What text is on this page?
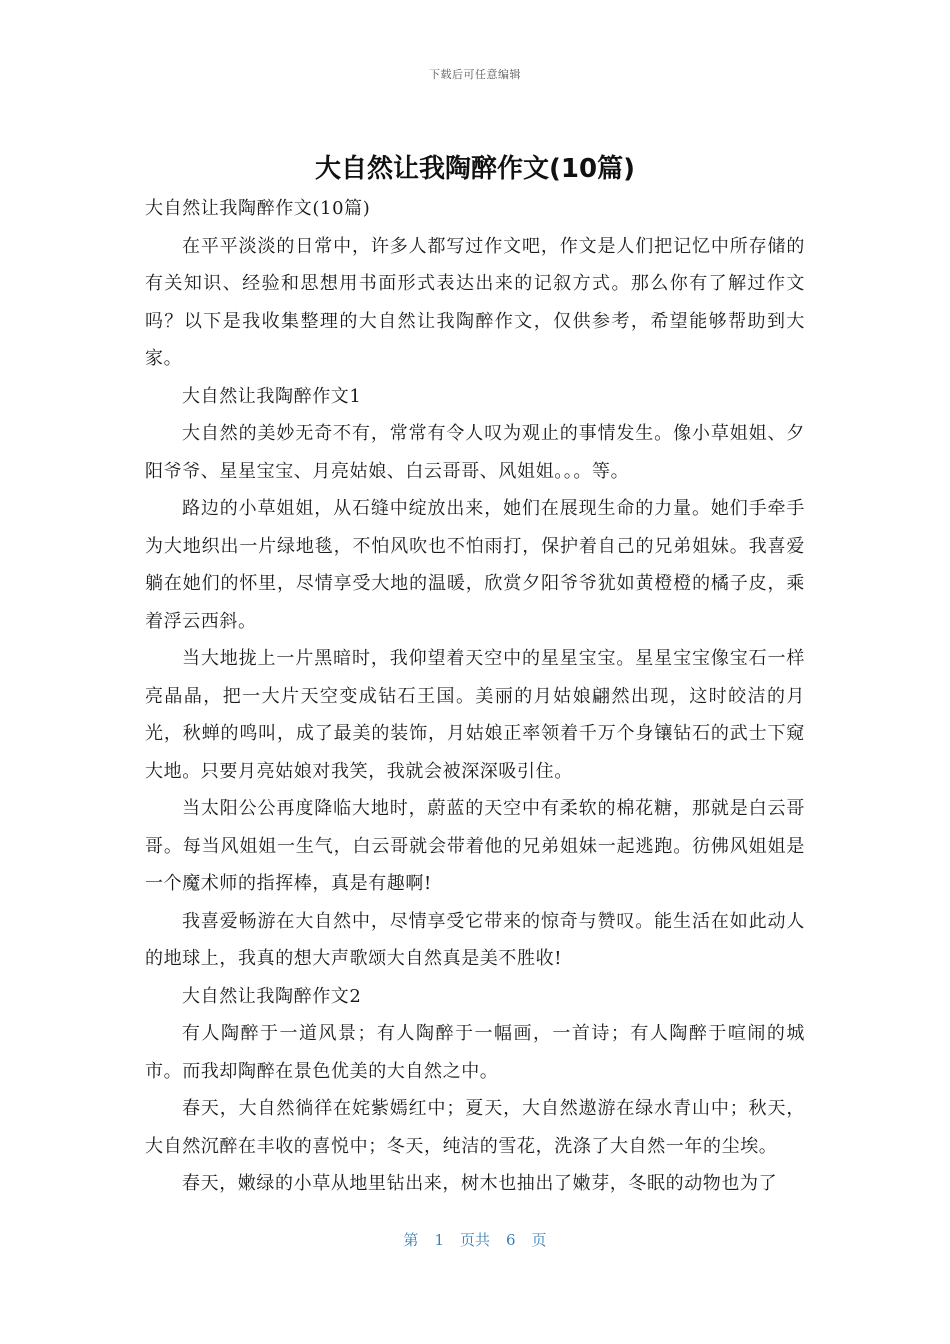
下载后可任意编辑
大自然让我陶醉作文(10篇)

大自然让我陶醉作文(10篇)

在平平淡淡的日常中，许多人都写过作文吧，作文是人们把记忆中所存储的有关知识、经验和思想用书面形式表达出来的记叙方式。那么你有了解过作文吗？以下是我收集整理的大自然让我陶醉作文，仅供参考，希望能够帮助到大家。

大自然让我陶醉作文1

大自然的美妙无奇不有，常常有令人叹为观止的事情发生。像小草姐姐、夕阳爷爷、星星宝宝、月亮姑娘、白云哥哥、风姐姐。。。等。

路边的小草姐姐，从石缝中绽放出来，她们在展现生命的力量。她们手牵手为大地织出一片绿地毯，不怕风吹也不怕雨打，保护着自己的兄弟姐妹。我喜爱躺在她们的怀里，尽情享受大地的温暖，欣赏夕阳爷爷犹如黄橙橙的橘子皮，乘着浮云西斜。

当大地拢上一片黑暗时，我仰望着天空中的星星宝宝。星星宝宝像宝石一样亮晶晶，把一大片天空变成钻石王国。美丽的月姑娘翩然出现，这时皎洁的月光，秋蝉的鸣叫，成了最美的装饰，月姑娘正率领着千万个身镶钻石的武士下窥大地。只要月亮姑娘对我笑，我就会被深深吸引住。

当太阳公公再度降临大地时，蔚蓝的天空中有柔软的棉花糖，那就是白云哥哥。每当风姐姐一生气，白云哥就会带着他的兄弟姐妹一起逃跑。彷佛风姐姐是一个魔术师的指挥棒，真是有趣啊!

我喜爱畅游在大自然中，尽情享受它带来的惊奇与赞叹。能生活在如此动人的地球上，我真的想大声歌颂大自然真是美不胜收!

大自然让我陶醉作文2

有人陶醉于一道风景；有人陶醉于一幅画，一首诗；有人陶醉于喧闹的城市。而我却陶醉在景色优美的大自然之中。

春天，大自然徜徉在姹紫嫣红中；夏天，大自然遨游在绿水青山中；秋天，大自然沉醉在丰收的喜悦中；冬天，纯洁的雪花，洗涤了大自然一年的尘埃。

春天，嫩绿的小草从地里钻出来，树木也抽出了嫩芽，冬眠的动物也为了

第 1 页共 6 页
